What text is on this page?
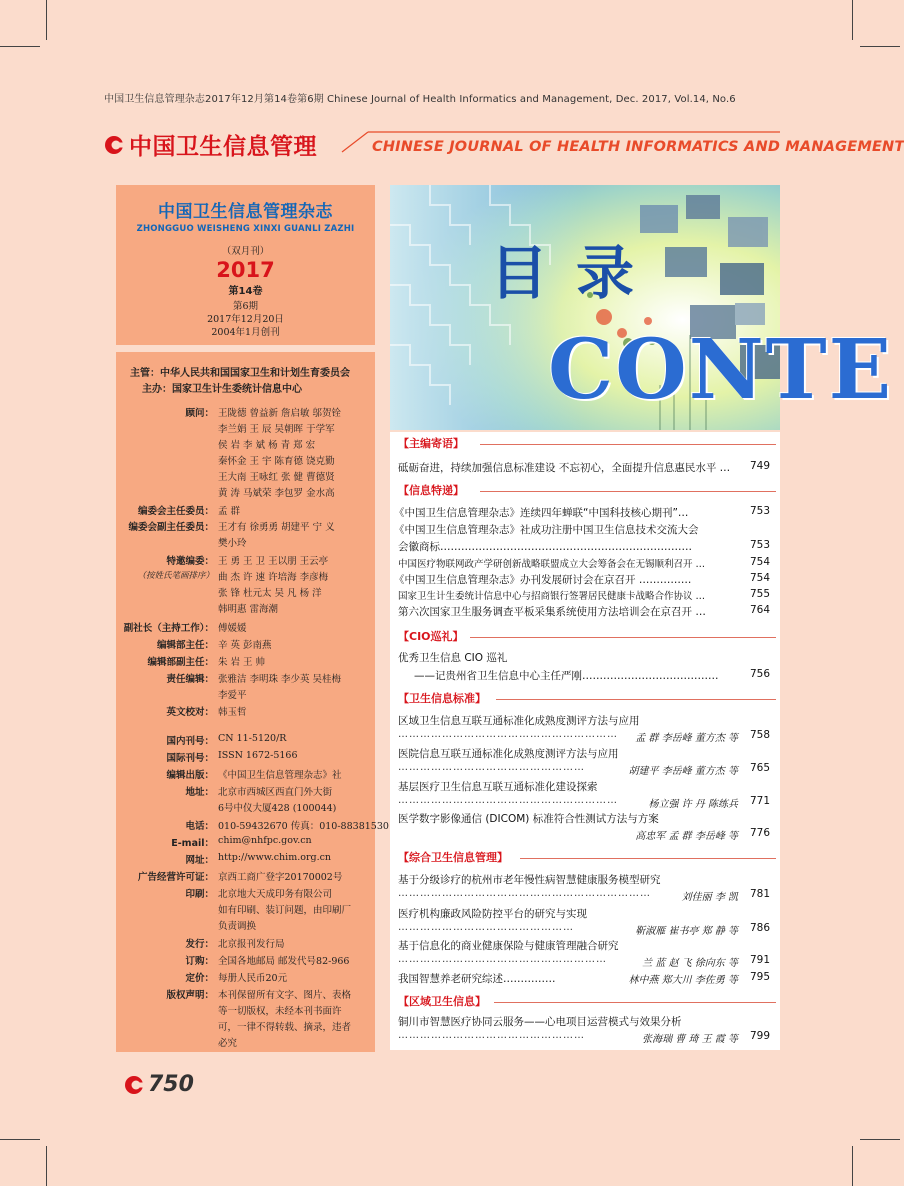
中国卫生信息管理杂志2017年12月第14卷第6期 Chinese Journal of Health Informatics and Management, Dec. 2017, Vol.14, No.6
中国卫生信息管理	CHINESE JOURNAL OF HEALTH INFORMATICS AND MANAGEMENT
中国卫生信息管理杂志
ZHONGGUO WEISHENG XINXI GUANLI ZAZHI
（双月刊）
2017
第14卷
第6期
2017年12月20日
2004年1月创刊
主管：中华人民共和国国家卫生和计划生育委员会
主办：国家卫生计生委统计信息中心
顾问： 王陇德 曾益新 詹启敏 邬贺铨
李兰娟 王 辰 吴朝晖 于学军
侯 岩 李 斌 杨 青 郑 宏
秦怀金 王 宇 陈育德 饶克勤
王大南 王咏红 张 健 曹德贤
黄 涛 马斌荣 李包罗 金水高
编委会主任委员： 孟 群
编委会副主任委员： 王才有 徐勇勇 胡建平 宁 义
樊小玲
特邀编委： 王 勇 王 卫 王以朋 王云亭
（按姓氏笔画排序） 曲 杰 许 速 许培海 李彦梅
张 锋 杜元太 吴 凡 杨 洋
韩明惠 雷海潮
副社长（主持工作）： 傅媛媛
编辑部主任： 辛 英 彭南燕
编辑部副主任： 朱 岩 王 帅
责任编辑： 张雅洁 李明珠 李少英 吴桂梅
李爱平
英文校对： 韩玉哲
国内刊号： CN 11-5120/R
国际刊号： ISSN 1672-5166
编辑出版： 《中国卫生信息管理杂志》社
地址： 北京市西城区西直门外大街
6号中仪大厦428 (100044)
电话： 010-59432670 传真：010-88381530
E-mail： chim@nhfpc.gov.cn
网址： http://www.chim.org.cn
广告经营许可证： 京西工商广登字20170002号
印刷： 北京地大天成印务有限公司
如有印刷、装订问题，由印刷厂
负责调换
发行： 北京报刊发行局
订购： 全国各地邮局 邮发代号82-966
定价： 每册人民币20元
版权声明： 本刊保留所有文字、图片、表格
等一切版权，未经本刊书面许
可，一律不得转载、摘录，违者
必究
目录
CONTE
【主编寄语】
砥砺奋进，持续加强信息标准建设 不忘初心，全面提升信息惠民水平 … 749
【信息特递】
《中国卫生信息管理杂志》连续四年蝉联“中国科技核心期刊”…	753
《中国卫生信息管理杂志》社成功注册中国卫生信息技术交流大会
会徽商标………………………………………………………………	753
中国医疗物联网政产学研创新战略联盟成立大会筹备会在无锡顺利召开 …	754
《中国卫生信息管理杂志》办刊发展研讨会在京召开 ……………	754
国家卫生计生委统计信息中心与招商银行签署居民健康卡战略合作协议 …	755
第六次国家卫生服务调查平板采集系统使用方法培训会在京召开 …	764
【CIO巡礼】
优秀卫生信息 CIO 巡礼
——记贵州省卫生信息中心主任严刚…………………………………	756
【卫生信息标准】
区域卫生信息互联互通标准化成熟度测评方法与应用
…………………………………………………… 孟 群 李岳峰 董方杰 等 758
医院信息互联互通标准化成熟度测评方法与应用
……………………………………………	胡建平 李岳峰 董方杰 等 765
基层医疗卫生信息互联互通标准化建设探索
……………………………………………………	杨立强 许 丹 陈练兵 771
医学数字影像通信 (DICOM) 标准符合性测试方法与方案
高忠军 孟 群 李岳峰 等 776
【综合卫生信息管理】
基于分级诊疗的杭州市老年慢性病智慧健康服务模型研究
……………………………………………………………	刘佳丽 李 凯 781
医疗机构廉政风险防控平台的研究与实现
…………………………………………	靳淑雁 崔书亭 郑 静 等 786
基于信息化的商业健康保险与健康管理融合研究
…………………………………………………	兰 蓝 赵 飞 徐向东 等 791
我国智慧养老研究综述……………	林中燕 郑大川 李佐勇 等 795
【区域卫生信息】
铜川市智慧医疗协同云服务——心电项目运营模式与效果分析
……………………………………………	张海瑞 曹 琦 王 霞 等 799
750
